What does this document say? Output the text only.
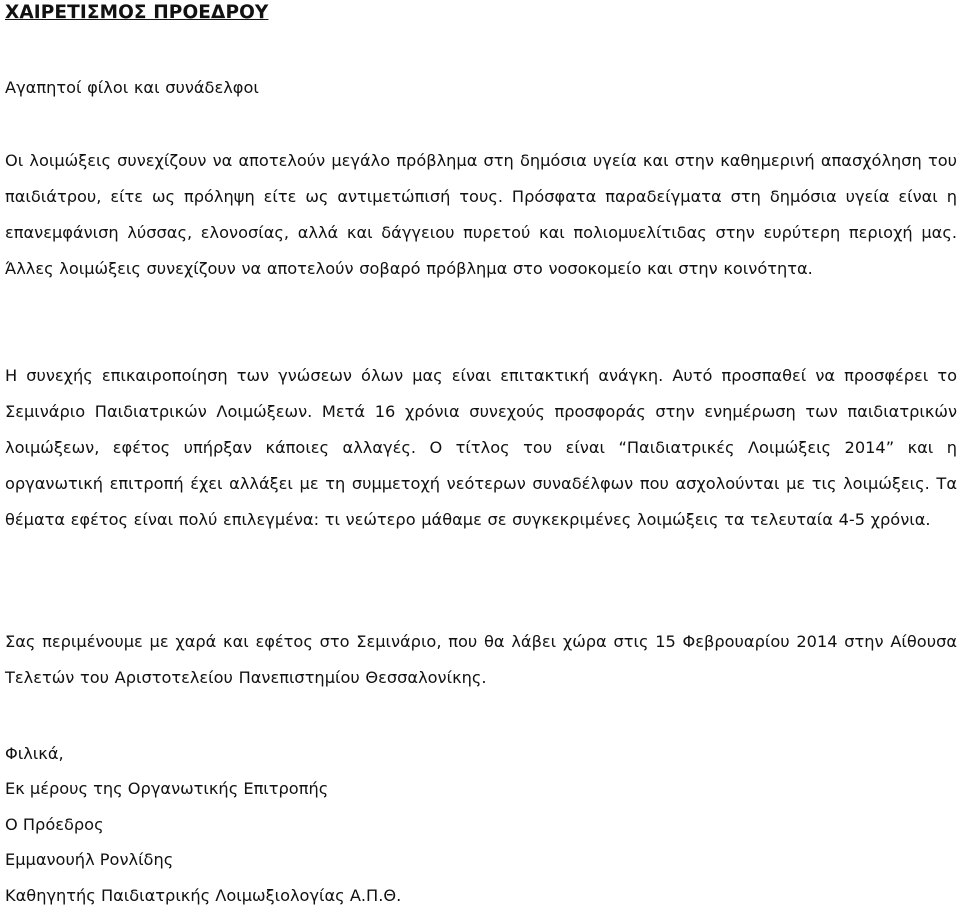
ΧΑΙΡΕΤΙΣΜΟΣ ΠΡΟΕΔΡΟΥ

Αγαπητοί φίλοι και συνάδελφοι

Οι λοιμώξεις συνεχίζουν να αποτελούν μεγάλο πρόβλημα στη δημόσια υγεία και στην καθημερινή απασχόληση του παιδιάτρου, είτε ως πρόληψη είτε ως αντιμετώπισή τους. Πρόσφατα παραδείγματα στη δημόσια υγεία είναι η επανεμφάνιση λύσσας, ελονοσίας, αλλά και δάγγειου πυρετού και πολιομυελίτιδας στην ευρύτερη περιοχή μας. Άλλες λοιμώξεις συνεχίζουν να αποτελούν σοβαρό πρόβλημα στο νοσοκομείο και στην κοινότητα.

Η συνεχής επικαιροποίηση των γνώσεων όλων μας είναι επιτακτική ανάγκη. Αυτό προσπαθεί να προσφέρει το Σεμινάριο Παιδιατρικών Λοιμώξεων. Μετά 16 χρόνια συνεχούς προσφοράς στην ενημέρωση των παιδιατρικών λοιμώξεων, εφέτος υπήρξαν κάποιες αλλαγές. Ο τίτλος του είναι “Παιδιατρικές Λοιμώξεις 2014” και η οργανωτική επιτροπή έχει αλλάξει με τη συμμετοχή νεότερων συναδέλφων που ασχολούνται με τις λοιμώξεις. Τα θέματα εφέτος είναι πολύ επιλεγμένα: τι νεώτερο μάθαμε σε συγκεκριμένες λοιμώξεις τα τελευταία 4-5 χρόνια.

Σας περιμένουμε με χαρά και εφέτος στο Σεμινάριο, που θα λάβει χώρα στις 15 Φεβρουαρίου 2014 στην Αίθουσα Τελετών του Αριστοτελείου Πανεπιστημίου Θεσσαλονίκης.

Φιλικά,

Εκ μέρους της Οργανωτικής Επιτροπής

Ο Πρόεδρος

Εμμανουήλ Ρονλίδης

Καθηγητής Παιδιατρικής Λοιμωξιολογίας Α.Π.Θ.
